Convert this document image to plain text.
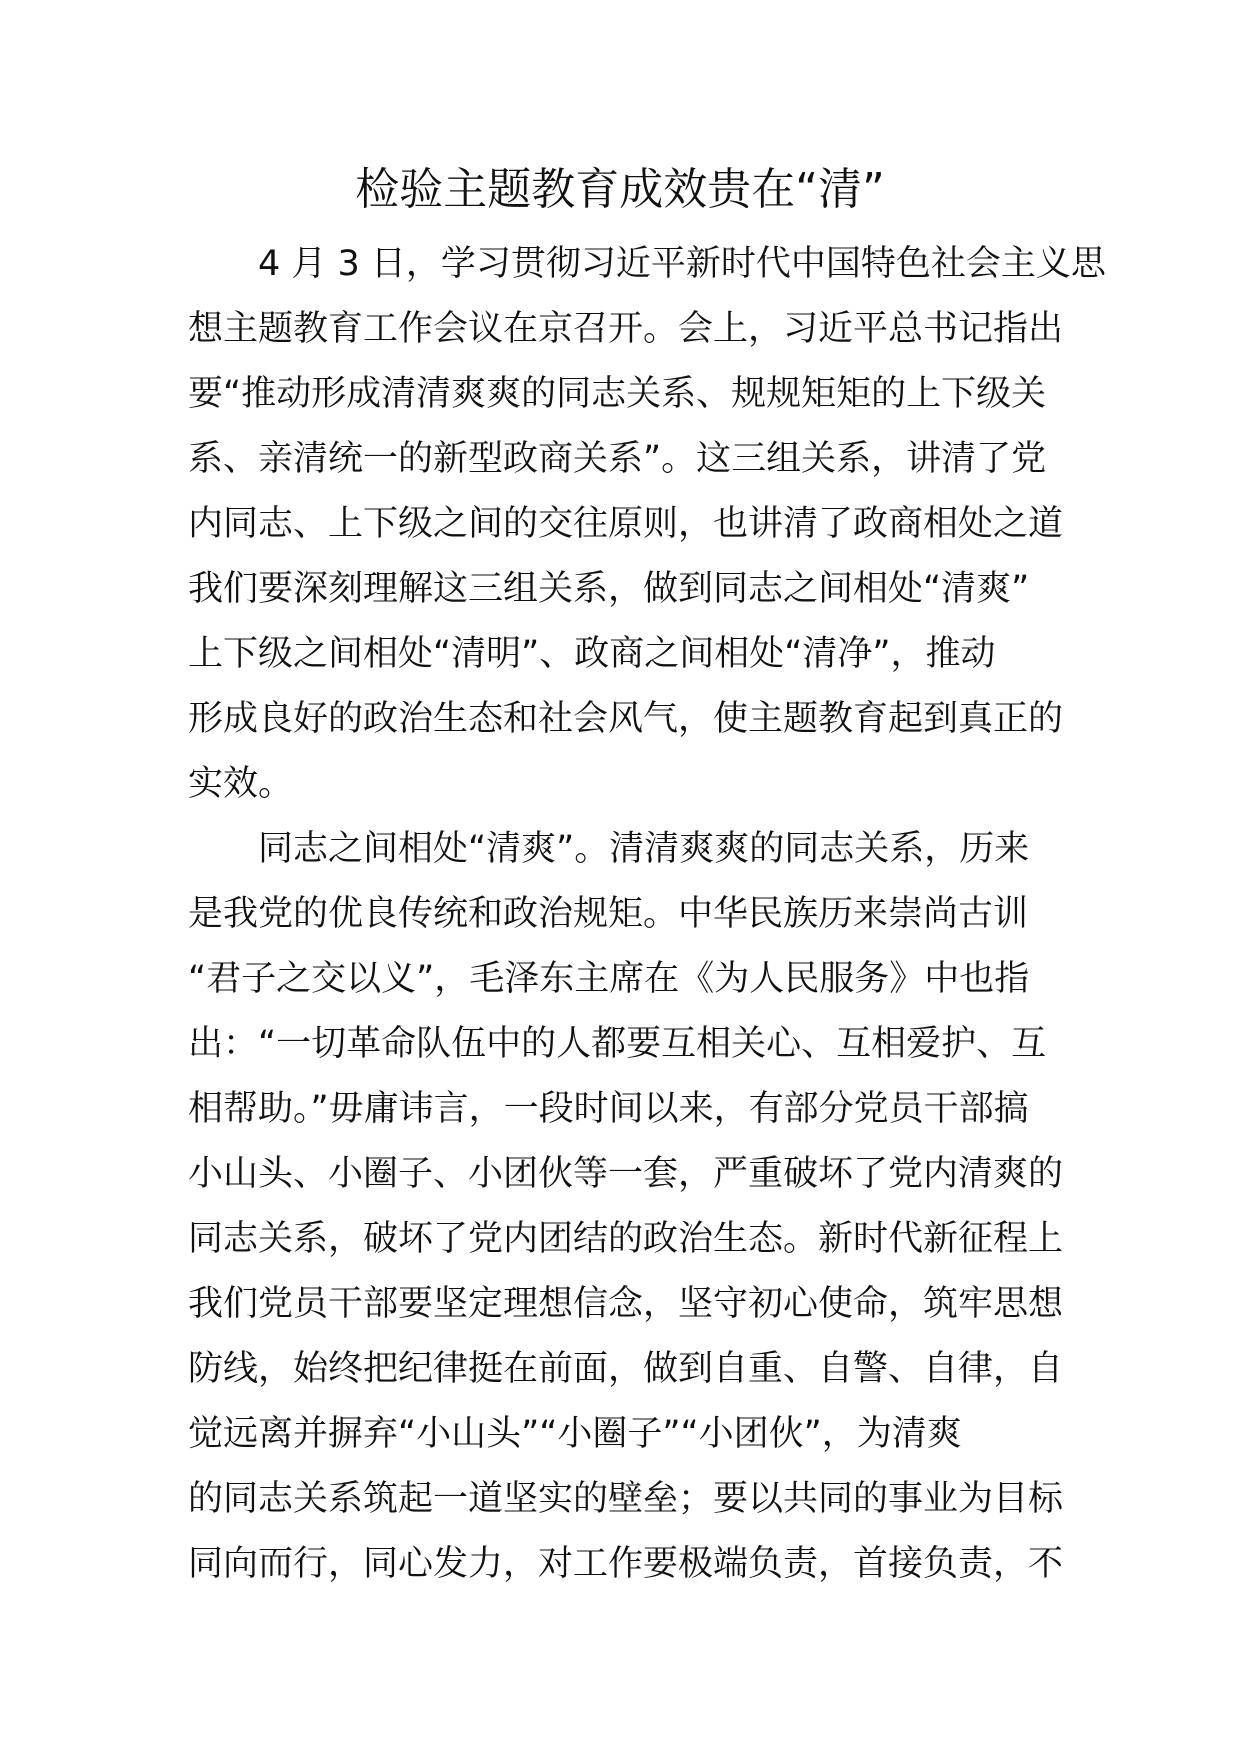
检验主题教育成效贵在“清”
4 月 3 日，学习贯彻习近平新时代中国特色社会主义思
想主题教育工作会议在京召开。会上，习近平总书记指出
要“推动形成清清爽爽的同志关系、规规矩矩的上下级关
系、亲清统一的新型政商关系”。这三组关系，讲清了党
内同志、上下级之间的交往原则，也讲清了政商相处之道
我们要深刻理解这三组关系，做到同志之间相处“清爽”
上下级之间相处“清明”、政商之间相处“清净”，推动
形成良好的政治生态和社会风气，使主题教育起到真正的
实效。
同志之间相处“清爽”。清清爽爽的同志关系，历来
是我党的优良传统和政治规矩。中华民族历来崇尚古训
“君子之交以义”，毛泽东主席在《为人民服务》中也指
出：“一切革命队伍中的人都要互相关心、互相爱护、互
相帮助。”毋庸讳言，一段时间以来，有部分党员干部搞
小山头、小圈子、小团伙等一套，严重破坏了党内清爽的
同志关系，破坏了党内团结的政治生态。新时代新征程上
我们党员干部要坚定理想信念，坚守初心使命，筑牢思想
防线，始终把纪律挺在前面，做到自重、自警、自律，自
觉远离并摒弃“小山头”“小圈子”“小团伙”，为清爽
的同志关系筑起一道坚实的壁垒；要以共同的事业为目标
同向而行，同心发力，对工作要极端负责，首接负责，不
